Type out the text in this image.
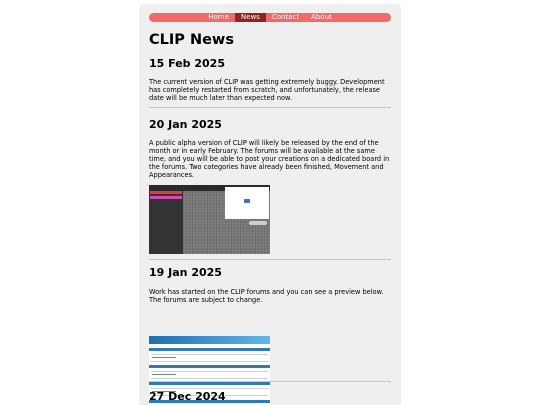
Home	News	Contact	About
CLIP News
15 Feb 2025

The current version of CLIP was getting extremely buggy. Development has completely restarted from scratch, and unfortunately, the release date will be much later than expected now.

20 Jan 2025

A public alpha version of CLIP will likely be released by the end of the month or in early February. The forums will be available at the same time, and you will be able to post your creations on a dedicated board in the forums. Two categories have already been finished, Movement and Appearances.

19 Jan 2025

Work has started on the CLIP forums and you can see a preview below. The forums are subject to change.

27 Dec 2024
